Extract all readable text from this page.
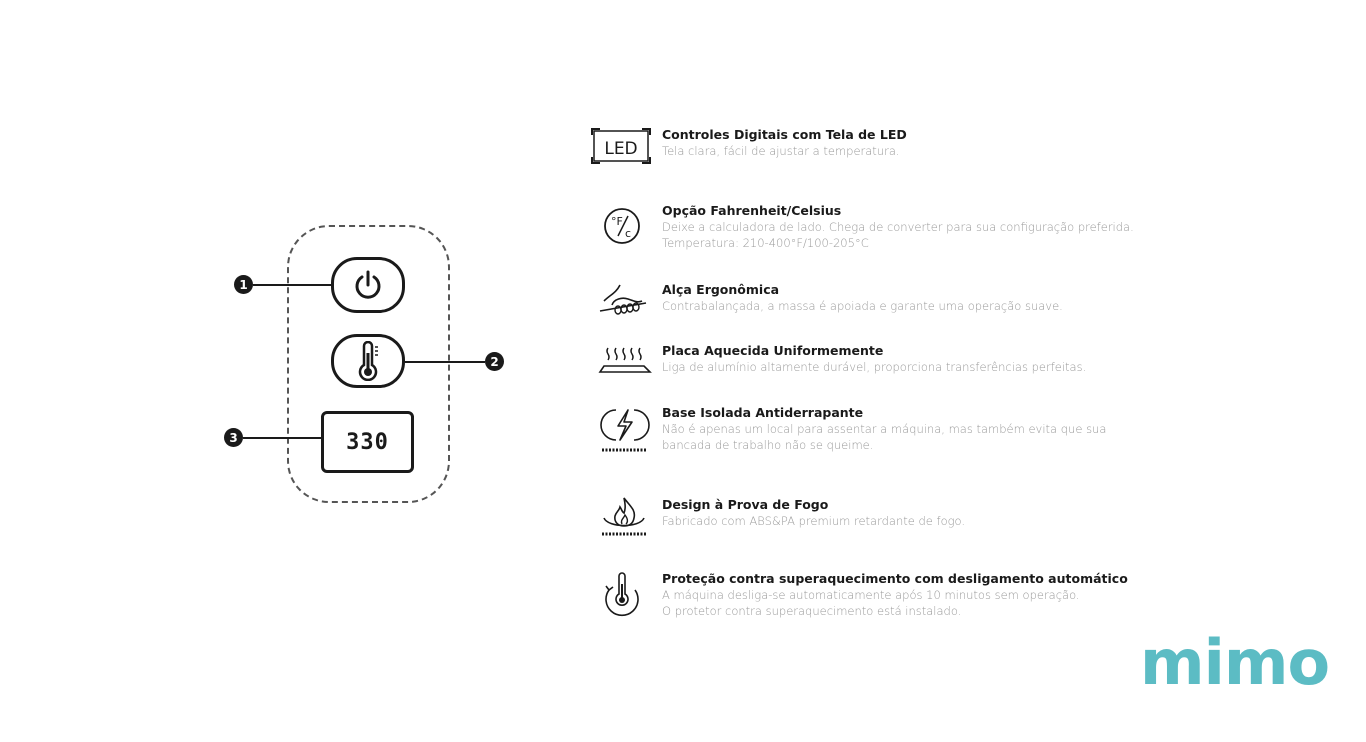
330
1
2
3
LED
Controles Digitais com Tela de LED
Tela clara, fácil de ajustar a temperatura.
°F
c
Opção Fahrenheit/Celsius
Deixe a calculadora de lado. Chega de converter para sua configuração preferida.
Temperatura: 210-400°F/100-205°C
Alça Ergonômica
Contrabalançada, a massa é apoiada e garante uma operação suave.
Placa Aquecida Uniformemente
Liga de alumínio altamente durável, proporciona transferências perfeitas.
Base Isolada Antiderrapante
Não é apenas um local para assentar a máquina, mas também evita que sua
bancada de trabalho não se queime.
Design à Prova de Fogo
Fabricado com ABS&PA premium retardante de fogo.
Proteção contra superaquecimento com desligamento automático
A máquina desliga-se automaticamente após 10 minutos sem operação.
O protetor contra superaquecimento está instalado.
mimo
